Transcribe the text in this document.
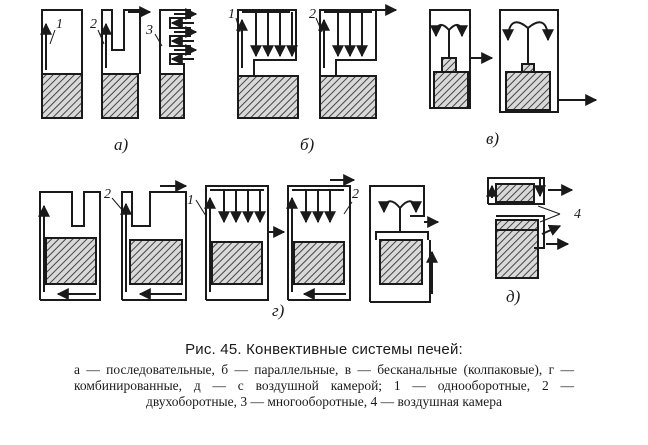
а)	б)	в)
г)
д)
1 2	3
1	2
2	1	2
4
Рис. 45. Конвективные системы печей:
а — последовательные, б — параллельные, в — бесканальные (колпаковые), г — комбинированные, д — с воздушной камерой; 1 — однооборотные, 2 — двухоборотные, 3 — многооборотные, 4 — воздушная камера
